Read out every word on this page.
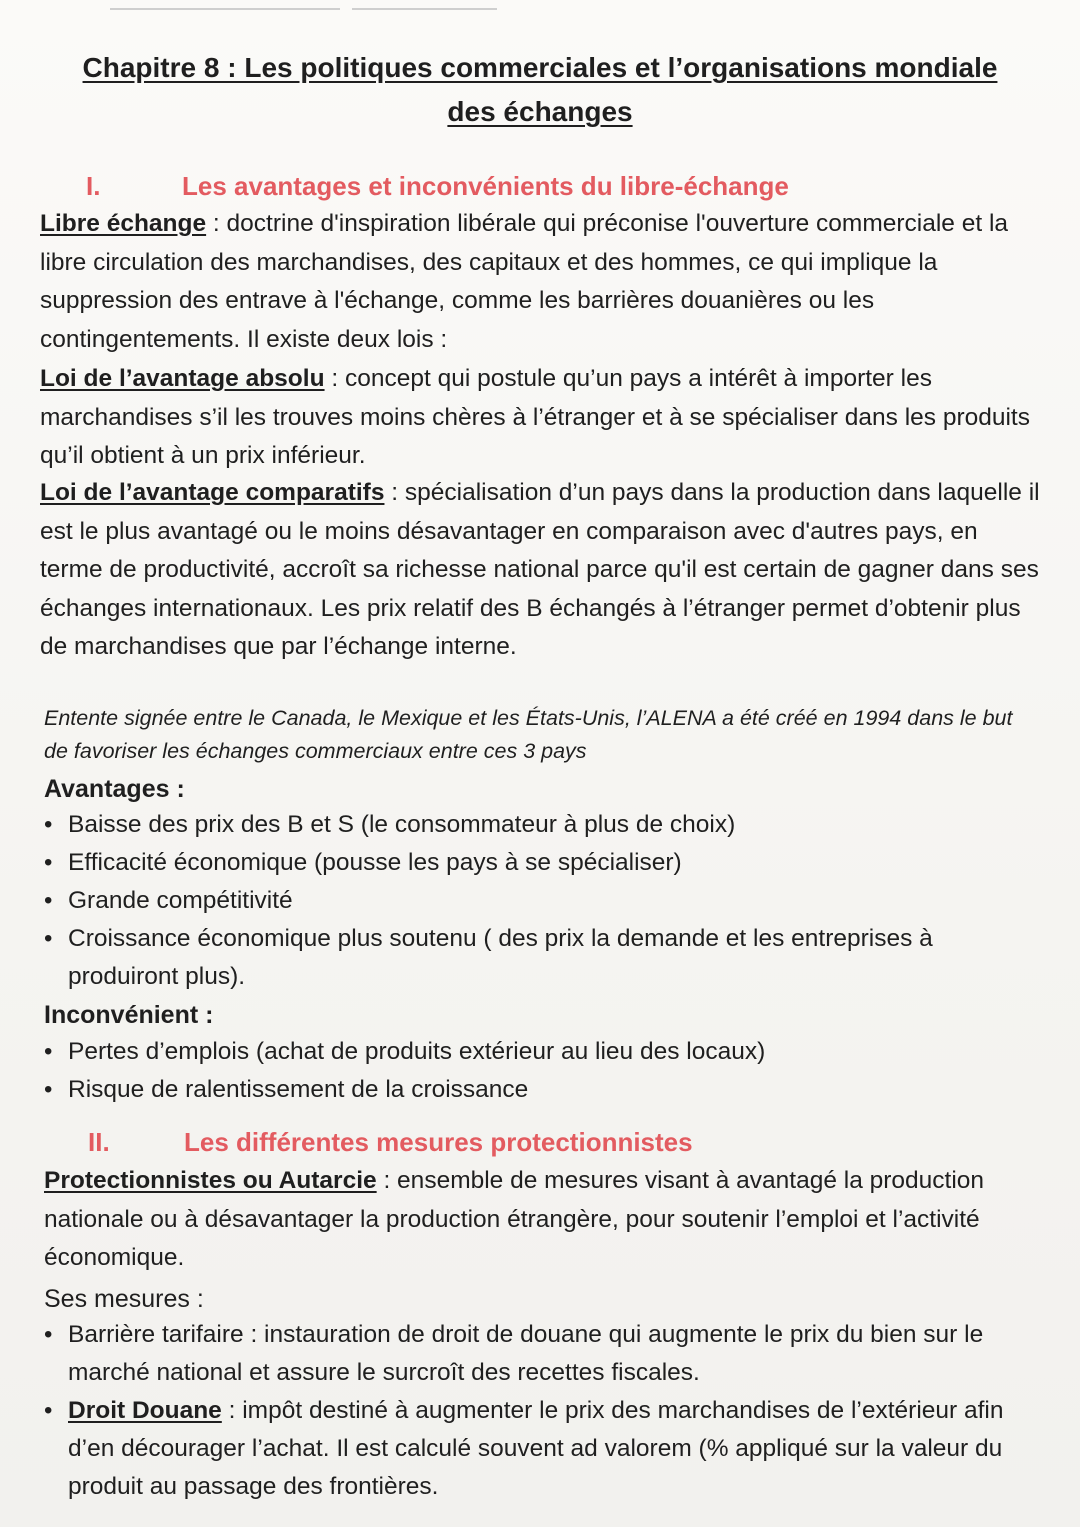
Chapitre 8 : Les politiques commerciales et l’organisations mondiale des échanges
I.	Les avantages et inconvénients du libre-échange
Libre échange : doctrine d'inspiration libérale qui préconise l'ouverture commerciale et la libre circulation des marchandises, des capitaux et des hommes, ce qui implique la suppression des entrave à l'échange, comme les barrières douanières ou les contingentements. Il existe deux lois :
Loi de l’avantage absolu : concept qui postule qu’un pays a intérêt à importer les marchandises s’il les trouves moins chères à l’étranger et à se spécialiser dans les produits qu’il obtient à un prix inférieur.
Loi de l’avantage comparatifs : spécialisation d’un pays dans la production dans laquelle il est le plus avantagé ou le moins désavantager en comparaison avec d'autres pays, en terme de productivité, accroît sa richesse national parce qu'il est certain de gagner dans ses échanges internationaux. Les prix relatif des B échangés à l’étranger permet d’obtenir plus de marchandises que par l’échange interne.
Entente signée entre le Canada, le Mexique et les États-Unis, l’ALENA a été créé en 1994 dans le but de favoriser les échanges commerciaux entre ces 3 pays
Avantages :
• Baisse des prix des B et S (le consommateur à plus de choix)
• Efficacité économique (pousse les pays à se spécialiser)
• Grande compétitivité
• Croissance économique plus soutenu ( des prix la demande et les entreprises à produiront plus).
Inconvénient :
• Pertes d’emplois (achat de produits extérieur au lieu des locaux)
• Risque de ralentissement de la croissance
II.	Les différentes mesures protectionnistes
Protectionnistes ou Autarcie : ensemble de mesures visant à avantagé la production nationale ou à désavantager la production étrangère, pour soutenir l’emploi et l’activité économique.
Ses mesures :
• Barrière tarifaire : instauration de droit de douane qui augmente le prix du bien sur le marché national et assure le surcroît des recettes fiscales.
• Droit Douane : impôt destiné à augmenter le prix des marchandises de l’extérieur afin d’en décourager l’achat. Il est calculé souvent ad valorem (% appliqué sur la valeur du produit au passage des frontières.
